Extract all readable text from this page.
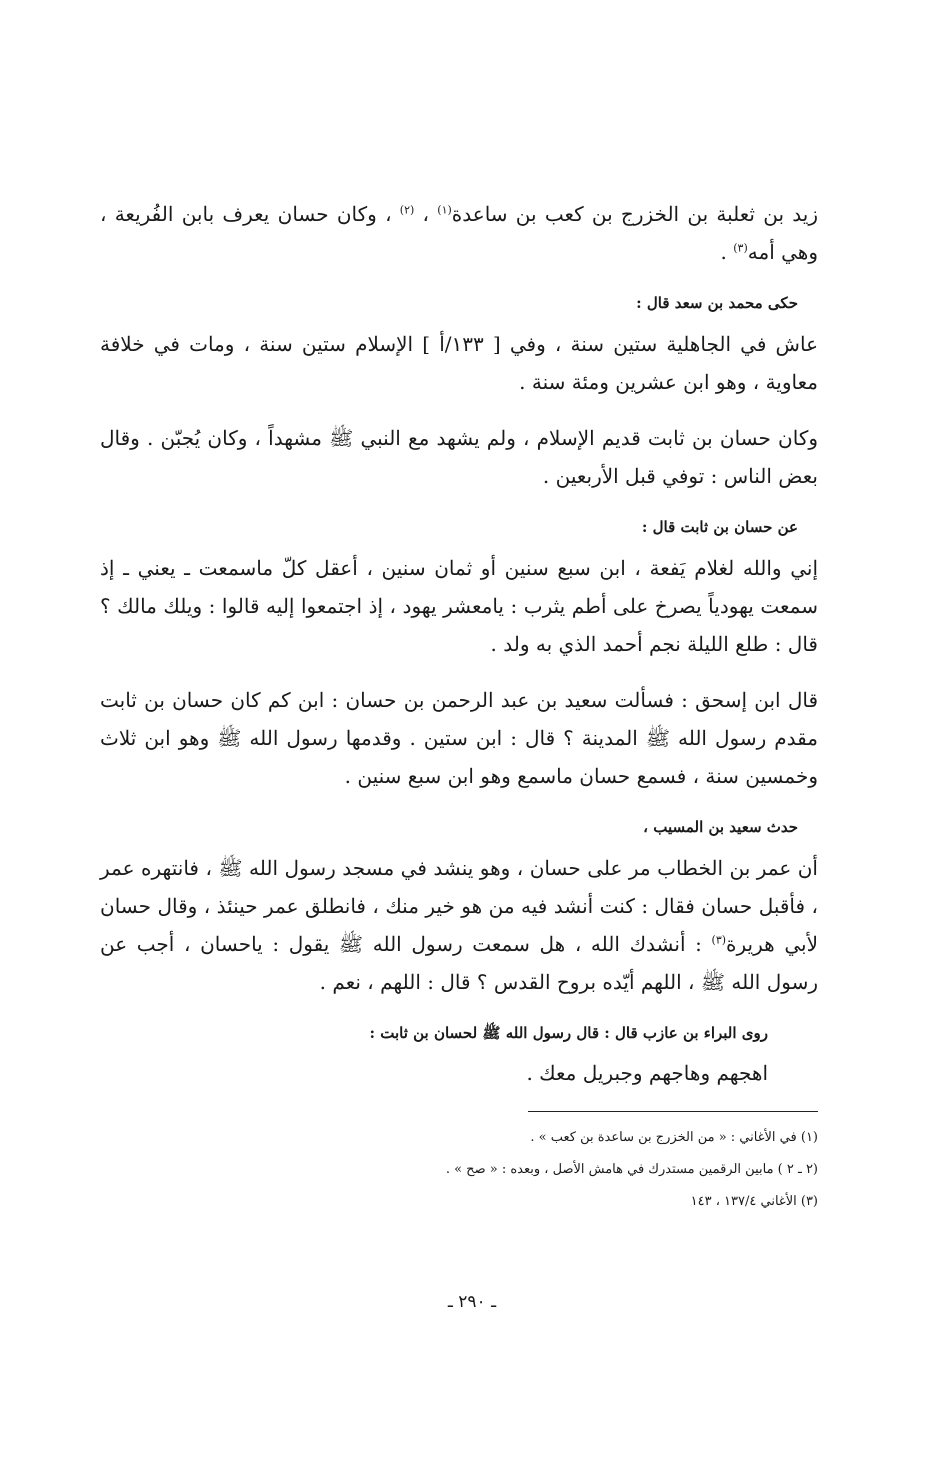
زيد بن ثعلبة بن الخزرج بن كعب بن ساعدة$^{(١)}$ ، $^{(٢)}$ ، وكان حسان يعرف بابن الفُريعة ، وهي أمه$^{(٣)}$ .

حكى محمد بن سعد قال :

عاش في الجاهلية ستين سنة ، وفي [ ١٣٣/أ ] الإسلام ستين سنة ، ومات في خلافة معاوية ، وهو ابن عشرين ومئة سنة .

وكان حسان بن ثابت قديم الإسلام ، ولم يشهد مع النبي ﷺ مشهداً ، وكان يُجبّن . وقال بعض الناس : توفي قبل الأربعين .

عن حسان بن ثابت قال :

إني والله لغلام يَفعة ، ابن سبع سنين أو ثمان سنين ، أعقل كلّ ماسمعت ـ يعني ـ إذ سمعت يهودياً يصرخ على أطم يثرب : يامعشر يهود ، إذ اجتمعوا إليه قالوا : ويلك مالك ؟ قال : طلع الليلة نجم أحمد الذي به ولد .

قال ابن إسحق : فسألت سعيد بن عبد الرحمن بن حسان : ابن كم كان حسان بن ثابت مقدم رسول الله ﷺ المدينة ؟ قال : ابن ستين . وقدمها رسول الله ﷺ وهو ابن ثلاث وخمسين سنة ، فسمع حسان ماسمع وهو ابن سبع سنين .

حدث سعيد بن المسيب ،

أن عمر بن الخطاب مر على حسان ، وهو ينشد في مسجد رسول الله ﷺ ، فانتهره عمر ، فأقبل حسان فقال : كنت أنشد فيه من هو خير منك ، فانطلق عمر حينئذ ، وقال حسان لأبي هريرة$^{(٣)}$ : أنشدك الله ، هل سمعت رسول الله ﷺ يقول : ياحسان ، أجب عن رسول الله ﷺ ، اللهم أيّده بروح القدس ؟ قال : اللهم ، نعم .

روى البراء بن عازب قال : قال رسول الله ﷺ لحسان بن ثابت :

اهجهم وهاجهم وجبريل معك .

(١) في الأغاني : « من الخزرج بن ساعدة بن كعب » .

(٢ ـ ٢ ) مابين الرقمين مستدرك في هامش الأصل ، وبعده : « صح » .

(٣) الأغاني ١٣٧/٤ ، ١٤٣

ـ ٢٩٠ ـ
